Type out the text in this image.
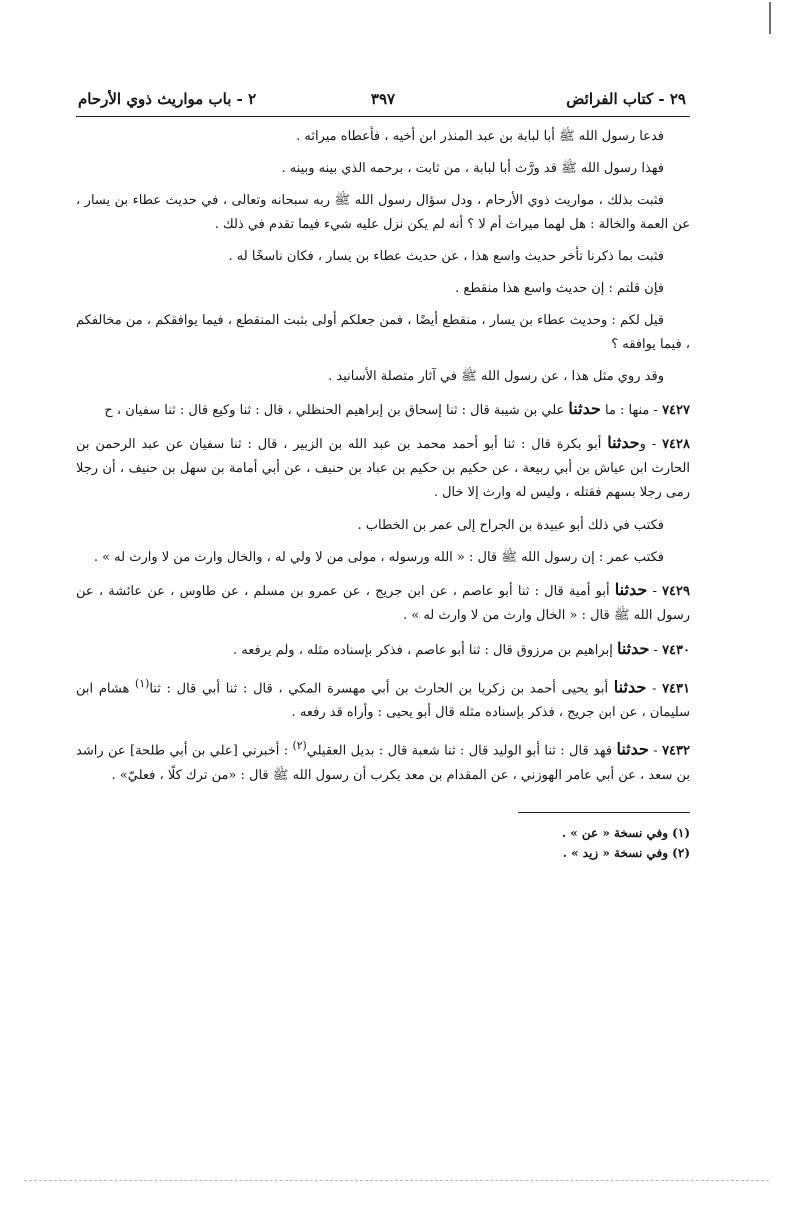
٢٩ - كتاب الفرائض
٣٩٧
٢ - باب مواريث ذوي الأرحام

فدعا رسول الله ﷺ أبا لبابة بن عبد المنذر ابن أخيه ، فأعطاه ميراثه .

فهذا رسول الله ﷺ قد ورَّث أبا لبابة ، من ثابت ، برحمه الذي بينه وبينه .

فثبت بذلك ، مواريث ذوي الأرحام ، ودل سؤال رسول الله ﷺ ربه سبحانه وتعالى ، في حديث عطاء بن يسار ، عن العمة والخالة : هل لهما ميراث أم لا ؟ أنه لم يكن نزل عليه شيء فيما تقدم في ذلك .

فثبت بما ذكرنا تأخر حديث واسع هذا ، عن حديث عطاء بن يسار ، فكان ناسخًا له .

فإن قلتم : إن حديث واسع هذا منقطع .

قيل لكم : وحديث عطاء بن يسار ، منقطع أيضًا ، فمن جعلكم أولى بثبت المنقطع ، فيما يوافقكم ، من مخالفكم ، فيما يوافقه ؟

وقد روي مثل هذا ، عن رسول الله ﷺ في آثار متصلة الأسانيد .

٧٤٢٧ - منها : ما حدثنا علي بن شيبة قال : ثنا إسحاق بن إبراهيم الحنظلي ، قال : ثنا وكيع قال : ثنا سفيان ، ح

٧٤٢٨ - وحدثنا أبو بكرة قال : ثنا أبو أحمد محمد بن عبد الله بن الزبير ، قال : ثنا سفيان عن عبد الرحمن بن الحارث ابن عياش بن أبي ربيعة ، عن حكيم بن حكيم بن عباد بن حنيف ، عن أبي أمامة بن سهل بن حنيف ، أن رجلا رمى رجلا بسهم فقتله ، وليس له وارث إلا خال .

فكتب في ذلك أبو عبيدة بن الجراح إلى عمر بن الخطاب .

فكتب عمر : إن رسول الله ﷺ قال : « الله ورسوله ، مولى من لا ولي له ، والخال وارث من لا وارث له » .

٧٤٢٩ - حدثنا أبو أمية قال : ثنا أبو عاصم ، عن ابن جريج ، عن عمرو بن مسلم ، عن طاوس ، عن عائشة ، عن رسول الله ﷺ قال : « الخال وارث من لا وارث له » .

٧٤٣٠ - حدثنا إبراهيم بن مرزوق قال : ثنا أبو عاصم ، فذكر بإسناده مثله ، ولم يرفعه .

٧٤٣١ - حدثنا أبو يحيى أحمد بن زكريا بن الحارث بن أبي مهسرة المكي ، قال : ثنا أبي قال : ثنا$^{(١)}$ هشام ابن سليمان ، عن ابن جريج ، فذكر بإسناده مثله قال أبو يحيى : وأراه قد رفعه .

٧٤٣٢ - حدثنا فهد قال : ثنا أبو الوليد قال : ثنا شعبة قال : بديل العقيلي$^{(٢)}$ : أخبرني [علي بن أبي طلحة] عن راشد بن سعد ، عن أبي عامر الهوزني ، عن المقدام بن معد يكرب أن رسول الله ﷺ قال : «من ترك كلًا ، فعليّ» .

(١) وفي نسخة « عن » .

(٢) وفي نسخة « زيد » .
